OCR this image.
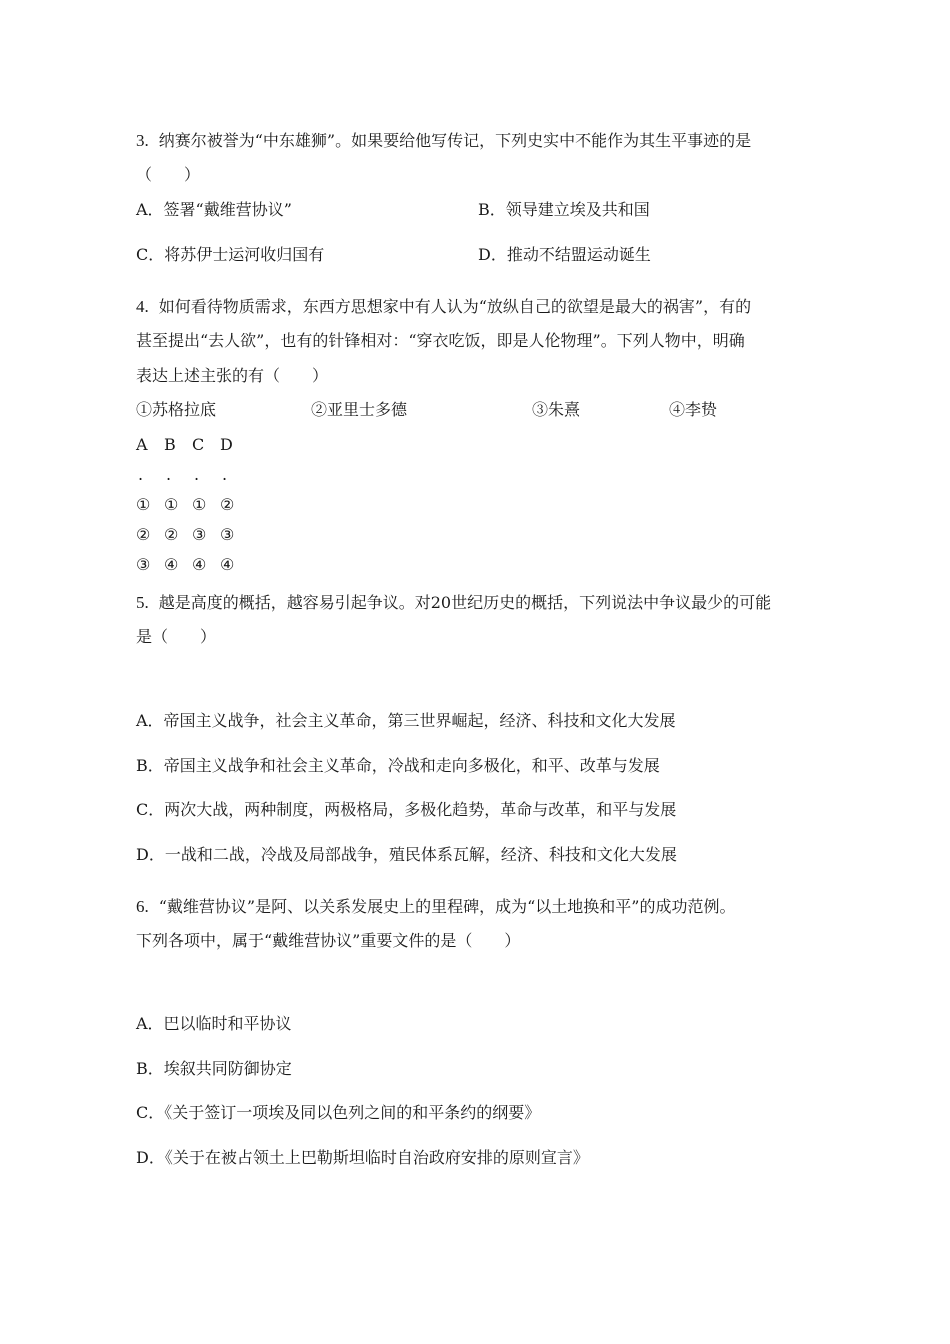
3. 纳赛尔被誉为“中东雄狮”。如果要给他写传记，下列史实中不能作为其生平事迹的是
（　　）
A．签署“戴维营协议”	B．领导建立埃及共和国
C．将苏伊士运河收归国有	D．推动不结盟运动诞生
4. 如何看待物质需求，东西方思想家中有人认为“放纵自己的欲望是最大的祸害”，有的
甚至提出“去人欲”，也有的针锋相对：“穿衣吃饭，即是人伦物理”。下列人物中，明确
表达上述主张的有（　　）
①苏格拉底	②亚里士多德	③朱熹	④李贽
A	B	C D
.	.	.	.
① ① ① ②
② ② ③ ③
③ ④ ④ ④
5. 越是高度的概括，越容易引起争议。对20世纪历史的概括，下列说法中争议最少的可能
是（　　）
A．帝国主义战争，社会主义革命，第三世界崛起，经济、科技和文化大发展
B．帝国主义战争和社会主义革命，冷战和走向多极化，和平、改革与发展
C．两次大战，两种制度，两极格局，多极化趋势，革命与改革，和平与发展
D．一战和二战，冷战及局部战争，殖民体系瓦解，经济、科技和文化大发展
6. “戴维营协议”是阿、以关系发展史上的里程碑，成为“以土地换和平”的成功范例。
下列各项中，属于“戴维营协议”重要文件的是（　　）
A．巴以临时和平协议
B．埃叙共同防御协定
C．《关于签订一项埃及同以色列之间的和平条约的纲要》
D．《关于在被占领土上巴勒斯坦临时自治政府安排的原则宣言》
